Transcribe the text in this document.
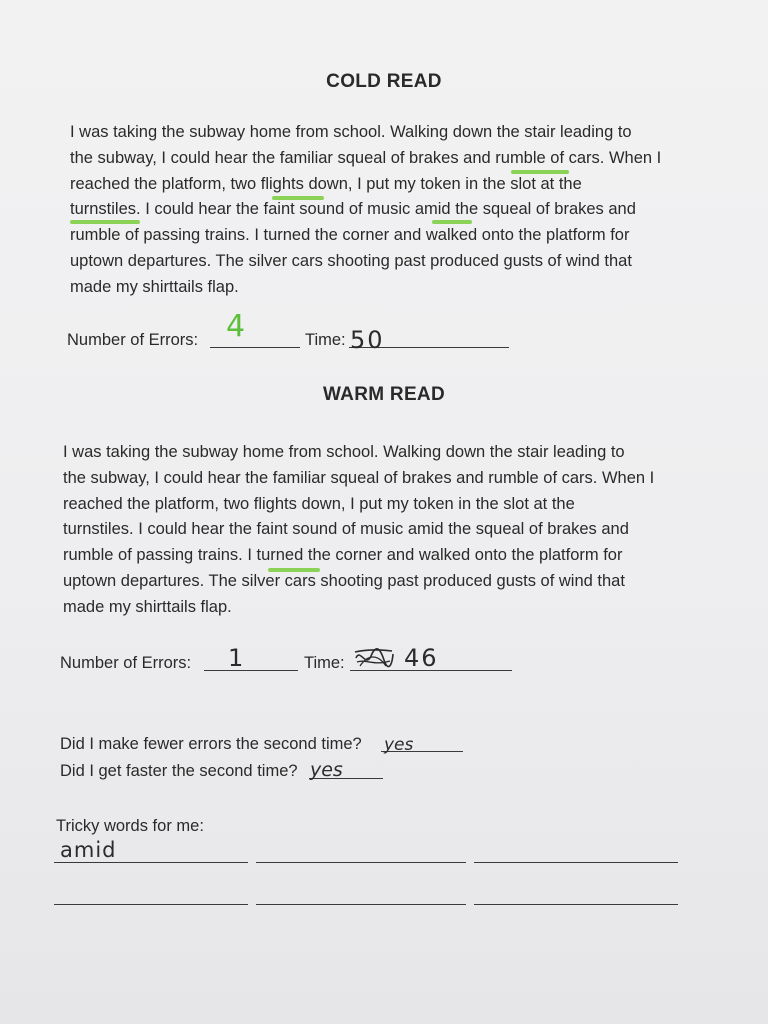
COLD READ
I was taking the subway home from school. Walking down the stair leading to
the subway, I could hear the familiar squeal of brakes and rumble of cars. When I
reached the platform, two flights down, I put my token in the slot at the
turnstiles. I could hear the faint sound of music amid the squeal of brakes and
rumble of passing trains. I turned the corner and walked onto the platform for
uptown departures. The silver cars shooting past produced gusts of wind that
made my shirttails flap.
Number of Errors: 4	Time: 50
WARM READ
I was taking the subway home from school. Walking down the stair leading to
the subway, I could hear the familiar squeal of brakes and rumble of cars. When I
reached the platform, two flights down, I put my token in the slot at the
turnstiles. I could hear the faint sound of music amid the squeal of brakes and
rumble of passing trains. I turned the corner and walked onto the platform for
uptown departures. The silver cars shooting past produced gusts of wind that
made my shirttails flap.
Number of Errors: 1	Time: 46
Did I make fewer errors the second time? yes
Did I get faster the second time? yes
Tricky words for me:
amid
